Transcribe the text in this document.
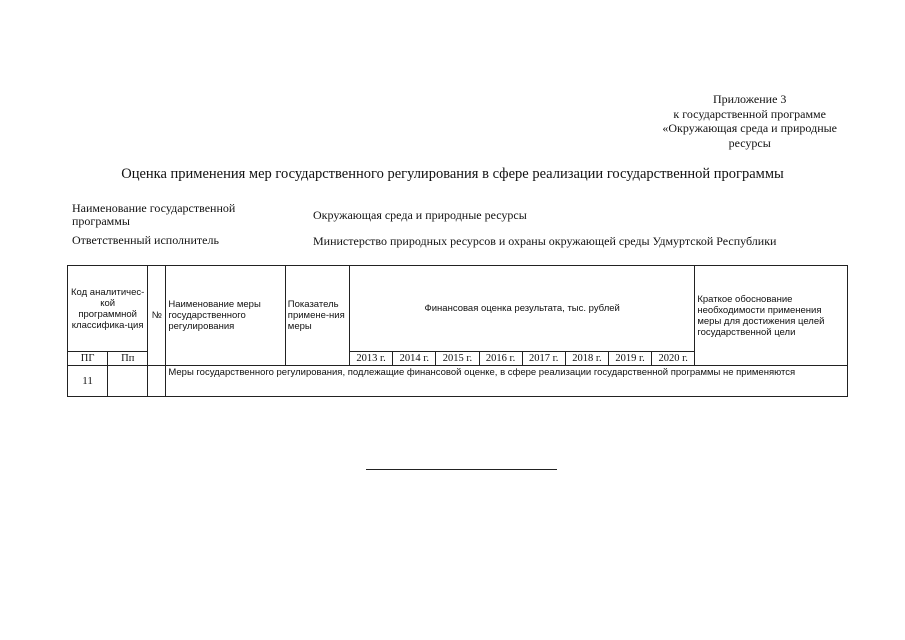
Приложение 3
к государственной программе
«Окружающая среда и природные
ресурсы
Оценка применения мер государственного регулирования в сфере реализации государственной программы
Наименование государственной программы	Окружающая среда и природные ресурсы
Ответственный исполнитель	Министерство природных ресурсов и охраны окружающей среды Удмуртской Республики
Код аналитичес-кой программной классифика-ция		№	Наименование меры государственного регулирования	Показатель примене-ния меры	Финансовая оценка результата, тыс. рублей								Краткое обоснование необходимости применения меры для достижения целей государственной цели
ПГ	Пп				2013 г.	2014 г.	2015 г.	2016 г.	2017 г.	2018 г.	2019 г.	2020 г.	
11			Меры государственного регулирования, подлежащие финансовой оценке, в сфере реализации государственной программы не применяются										
